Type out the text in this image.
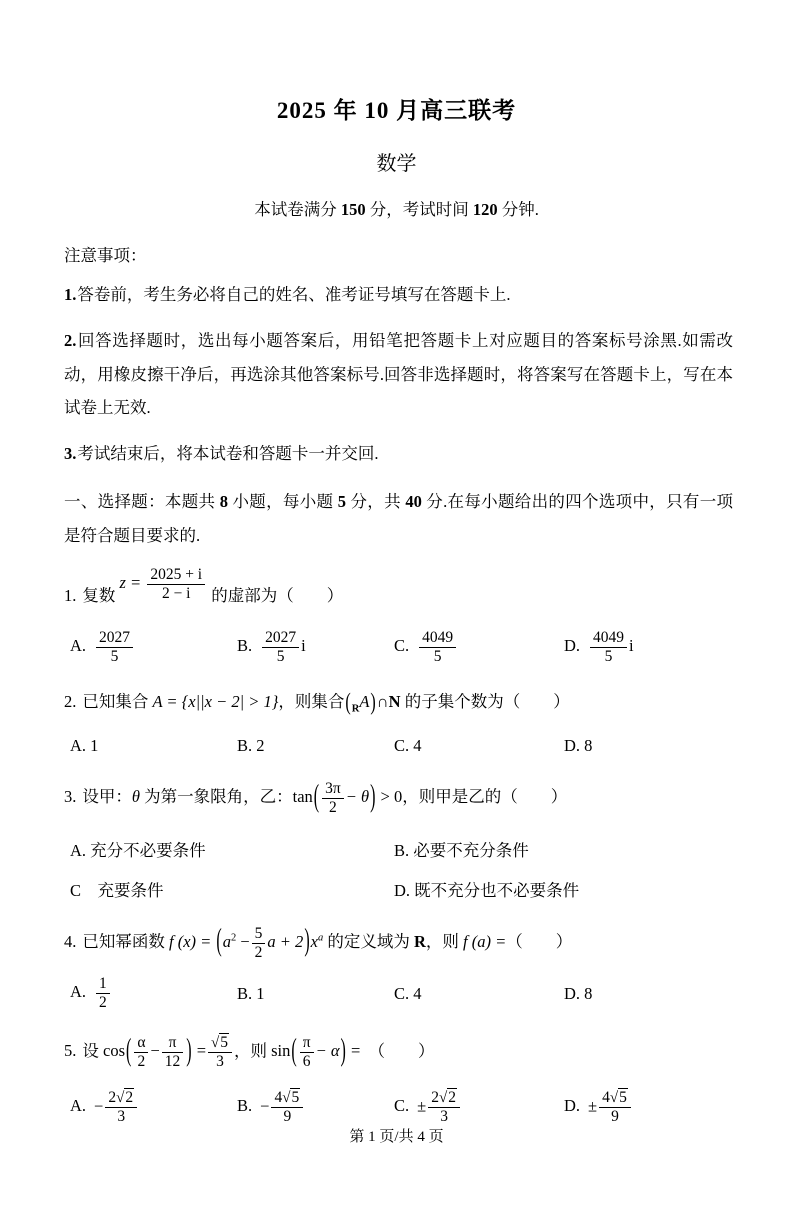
2025 年 10 月高三联考
数学

本试卷满分 150 分，考试时间 120 分钟.

注意事项：

1.答卷前，考生务必将自己的姓名、准考证号填写在答题卡上.

2.回答选择题时，选出每小题答案后，用铅笔把答题卡上对应题目的答案标号涂黑.如需改动，用橡皮擦干净后，再选涂其他答案标号.回答非选择题时，将答案写在答题卡上，写在本试卷上无效.

3.考试结束后，将本试卷和答题卡一并交回.

一、选择题：本题共 8 小题，每小题 5 分，共 40 分.在每小题给出的四个选项中，只有一项是符合题目要求的.

1. 复数 $z = \frac{2025 + i}{2 - i}$ 的虚部为（　　）
A. $\frac{2027}{5}$	B. $\frac{2027}{5}$ i	C. $\frac{4049}{5}$	D. $\frac{4049}{5}$ i
2. 已知集合 A = {x||x − 2| > 1}，则集合$(_RA)\cap N$ 的子集个数为（　　）
A. 1	B. 2	C. 4	D. 8
3. 设甲：θ 为第一象限角，乙：$\tan( \frac{3\pi}{2} - \theta) > 0$，则甲是乙的（　　）
A. 充分不必要条件	B. 必要不充分条件
C　充要条件	D. 既不充分也不必要条件
4. 已知幂函数 f $(x) = (a^2 - \frac{5}{2}$ $a + 2)x^a$ 的定义域为 R，则 f (a) =（　　）
A. $\frac{1}{2}$	B. 1	C. 4	D. 8
5. 设 $\cos( \frac{\alpha}{2} - \frac{\pi}{12}$ ) = $\frac{√5}{3}$ ，则 $\sin( \frac{\pi}{6} - \alpha)$ =　（　　）
A. − $\frac{2√2}{3}$	B. − $\frac{4√5}{9}$	C. ± $\frac{2√2}{3}$	D. ± $\frac{4√5}{9}$
第 1 页/共 4 页
